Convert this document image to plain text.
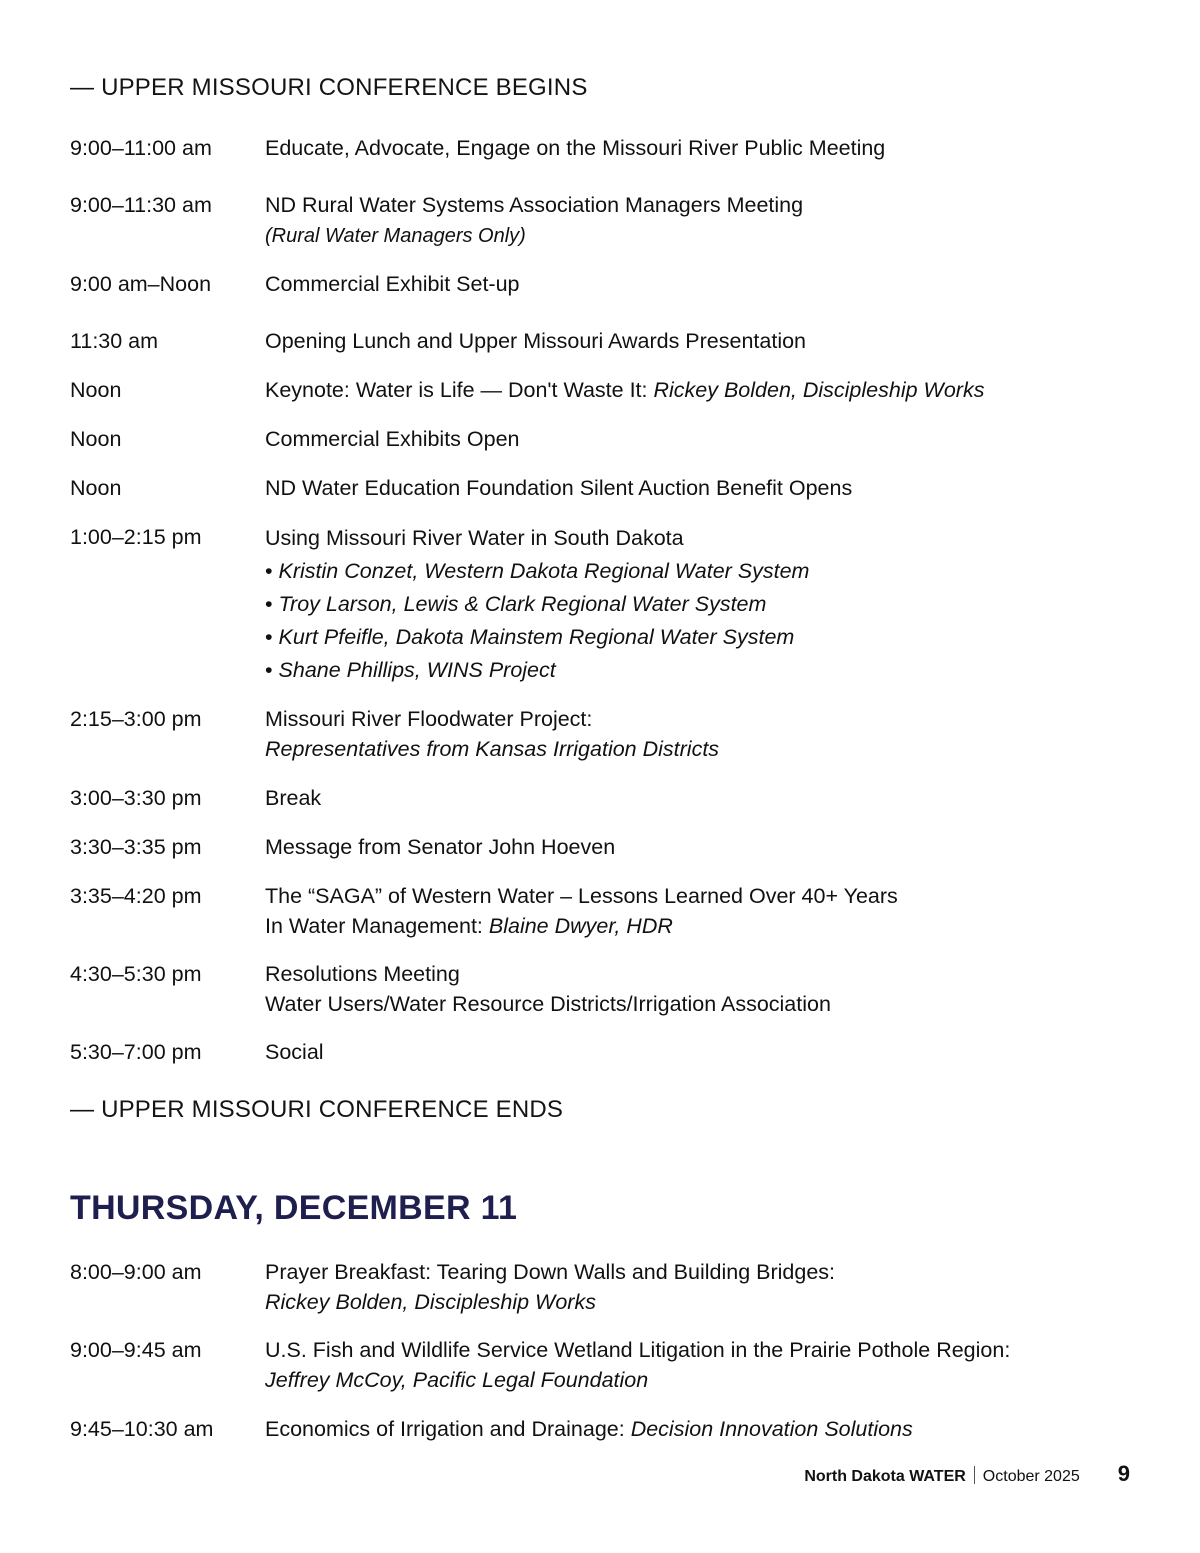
— UPPER MISSOURI CONFERENCE BEGINS
9:00–11:00 am	Educate, Advocate, Engage on the Missouri River Public Meeting
9:00–11:30 am	ND Rural Water Systems Association Managers Meeting
(Rural Water Managers Only)
9:00 am–Noon	Commercial Exhibit Set-up
11:30 am	Opening Lunch and Upper Missouri Awards Presentation
Noon	Keynote: Water is Life — Don't Waste It: Rickey Bolden, Discipleship Works
Noon	Commercial Exhibits Open
Noon	ND Water Education Foundation Silent Auction Benefit Opens
1:00–2:15 pm	Using Missouri River Water in South Dakota
• Kristin Conzet, Western Dakota Regional Water System
• Troy Larson, Lewis & Clark Regional Water System
• Kurt Pfeifle, Dakota Mainstem Regional Water System
• Shane Phillips, WINS Project
2:15–3:00 pm	Missouri River Floodwater Project:
Representatives from Kansas Irrigation Districts
3:00–3:30 pm	Break
3:30–3:35 pm	Message from Senator John Hoeven
3:35–4:20 pm	The “SAGA” of Western Water – Lessons Learned Over 40+ Years
In Water Management: Blaine Dwyer, HDR
4:30–5:30 pm	Resolutions Meeting
Water Users/Water Resource Districts/Irrigation Association
5:30–7:00 pm	Social
— UPPER MISSOURI CONFERENCE ENDS
THURSDAY, DECEMBER 11
8:00–9:00 am	Prayer Breakfast: Tearing Down Walls and Building Bridges:
Rickey Bolden, Discipleship Works
9:00–9:45 am	U.S. Fish and Wildlife Service Wetland Litigation in the Prairie Pothole Region:
Jeffrey McCoy, Pacific Legal Foundation
9:45–10:30 am	Economics of Irrigation and Drainage: Decision Innovation Solutions
North Dakota WATER October 2025 9
